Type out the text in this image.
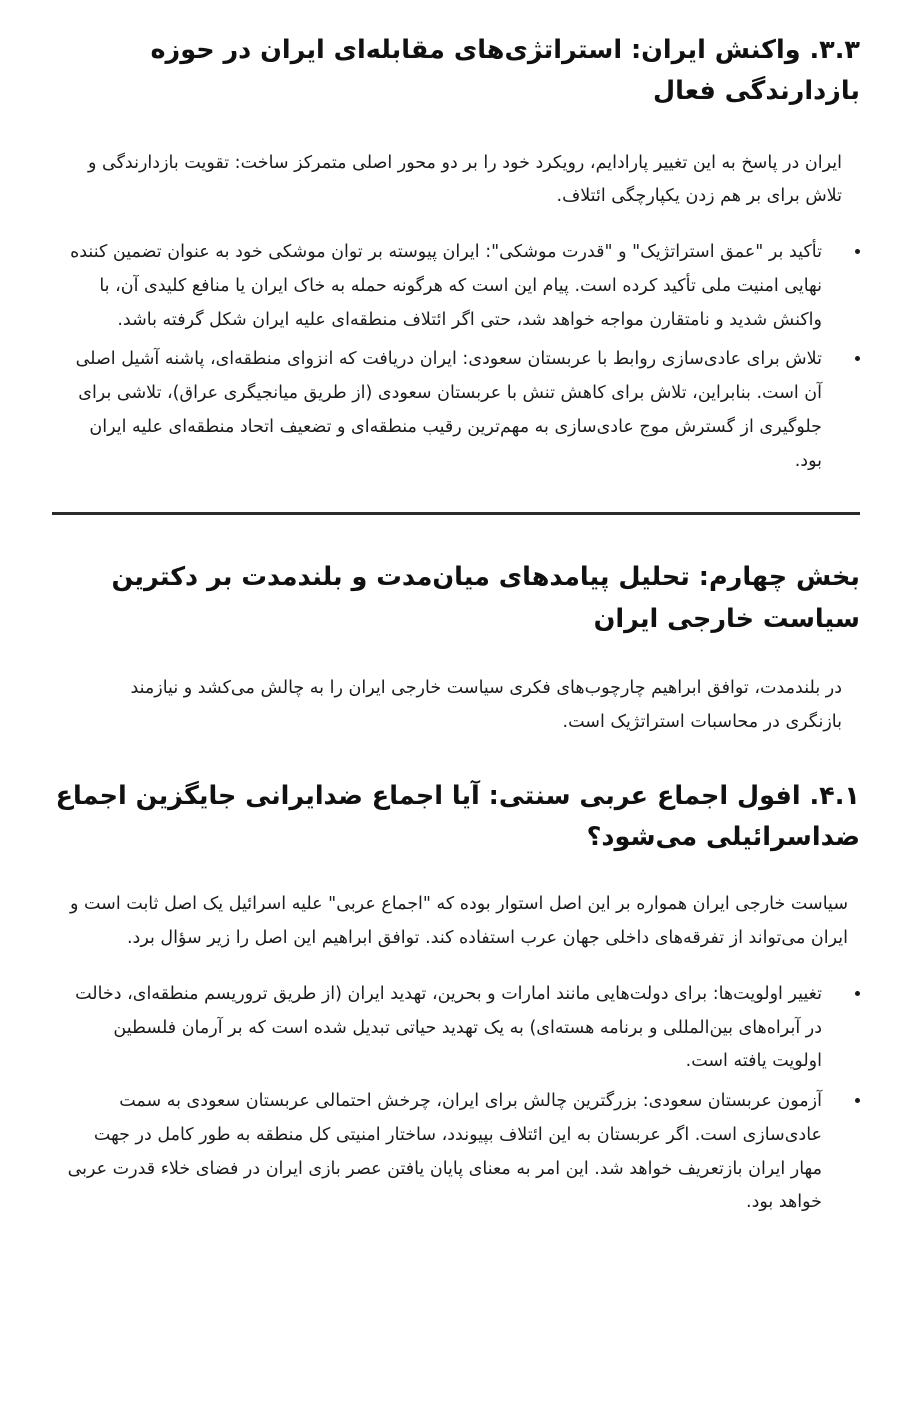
۳.۳. واکنش ایران: استراتژی‌های مقابله‌ای ایران در حوزه بازدارندگی فعال

ایران در پاسخ به این تغییر پارادایم، رویکرد خود را بر دو محور اصلی متمرکز ساخت: تقویت بازدارندگی و تلاش برای بر هم زدن یکپارچگی ائتلاف.

تأکید بر "عمق استراتژیک" و "قدرت موشکی": ایران پیوسته بر توان موشکی خود به عنوان تضمین کننده نهایی امنیت ملی تأکید کرده است. پیام این است که هرگونه حمله به خاک ایران یا منافع کلیدی آن، با واکنش شدید و نامتقارن مواجه خواهد شد، حتی اگر ائتلاف منطقه‌ای علیه ایران شکل گرفته باشد.
تلاش برای عادی‌سازی روابط با عربستان سعودی: ایران دریافت که انزوای منطقه‌ای، پاشنه آشیل اصلی آن است. بنابراین، تلاش برای کاهش تنش با عربستان سعودی (از طریق میانجیگری عراق)، تلاشی برای جلوگیری از گسترش موج عادی‌سازی به مهم‌ترین رقیب منطقه‌ای و تضعیف اتحاد منطقه‌ای علیه ایران بود.
بخش چهارم: تحلیل پیامدهای میان‌مدت و بلندمدت بر دکترین سیاست خارجی ایران

در بلندمدت، توافق ابراهیم چارچوب‌های فکری سیاست خارجی ایران را به چالش می‌کشد و نیازمند بازنگری در محاسبات استراتژیک است.

۴.۱. افول اجماع عربی سنتی: آیا اجماع ضدایرانی جایگزین اجماع ضداسرائیلی می‌شود؟

سیاست خارجی ایران همواره بر این اصل استوار بوده که "اجماع عربی" علیه اسرائیل یک اصل ثابت است و ایران می‌تواند از تفرقه‌های داخلی جهان عرب استفاده کند. توافق ابراهیم این اصل را زیر سؤال برد.

تغییر اولویت‌ها: برای دولت‌هایی مانند امارات و بحرین، تهدید ایران (از طریق تروریسم منطقه‌ای، دخالت در آبراه‌های بین‌المللی و برنامه هسته‌ای) به یک تهدید حیاتی تبدیل شده است که بر آرمان فلسطین اولویت یافته است.
آزمون عربستان سعودی: بزرگترین چالش برای ایران، چرخش احتمالی عربستان سعودی به سمت عادی‌سازی است. اگر عربستان به این ائتلاف بپیوندد، ساختار امنیتی کل منطقه به طور کامل در جهت مهار ایران بازتعریف خواهد شد. این امر به معنای پایان یافتن عصر بازی ایران در فضای خلاء قدرت عربی خواهد بود.
